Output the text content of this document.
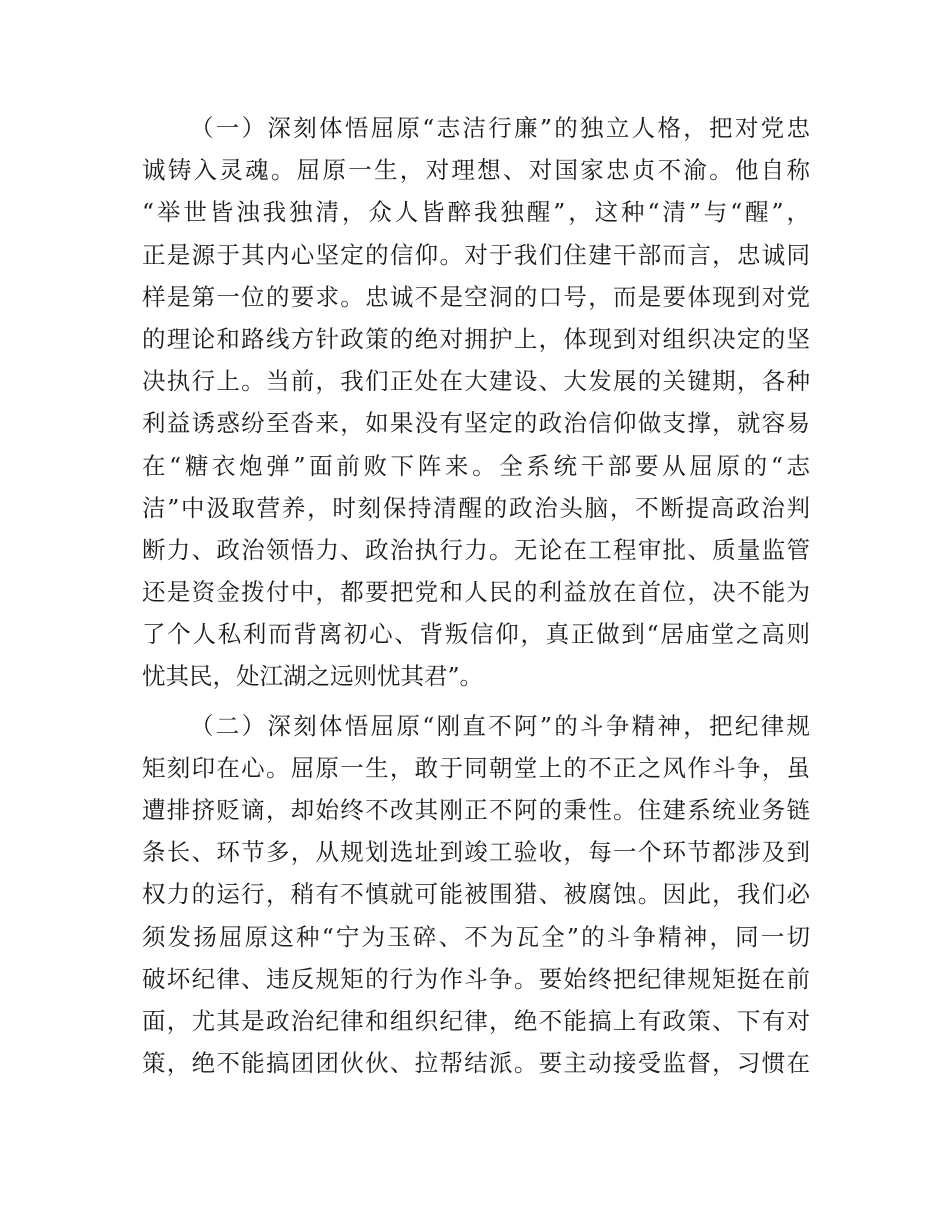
（一）深刻体悟屈原“志洁行廉”的独立人格，把对党忠
诚铸入灵魂。屈原一生，对理想、对国家忠贞不渝。他自称
“举世皆浊我独清，众人皆醉我独醒”，这种“清”与“醒”，
正是源于其内心坚定的信仰。对于我们住建干部而言，忠诚同
样是第一位的要求。忠诚不是空洞的口号，而是要体现到对党
的理论和路线方针政策的绝对拥护上，体现到对组织决定的坚
决执行上。当前，我们正处在大建设、大发展的关键期，各种
利益诱惑纷至沓来，如果没有坚定的政治信仰做支撑，就容易
在“糖衣炮弹”面前败下阵来。全系统干部要从屈原的“志
洁”中汲取营养，时刻保持清醒的政治头脑，不断提高政治判
断力、政治领悟力、政治执行力。无论在工程审批、质量监管
还是资金拨付中，都要把党和人民的利益放在首位，决不能为
了个人私利而背离初心、背叛信仰，真正做到“居庙堂之高则
忧其民，处江湖之远则忧其君”。
（二）深刻体悟屈原“刚直不阿”的斗争精神，把纪律规
矩刻印在心。屈原一生，敢于同朝堂上的不正之风作斗争，虽
遭排挤贬谪，却始终不改其刚正不阿的秉性。住建系统业务链
条长、环节多，从规划选址到竣工验收，每一个环节都涉及到
权力的运行，稍有不慎就可能被围猎、被腐蚀。因此，我们必
须发扬屈原这种“宁为玉碎、不为瓦全”的斗争精神，同一切
破坏纪律、违反规矩的行为作斗争。要始终把纪律规矩挺在前
面，尤其是政治纪律和组织纪律，绝不能搞上有政策、下有对
策，绝不能搞团团伙伙、拉帮结派。要主动接受监督，习惯在
